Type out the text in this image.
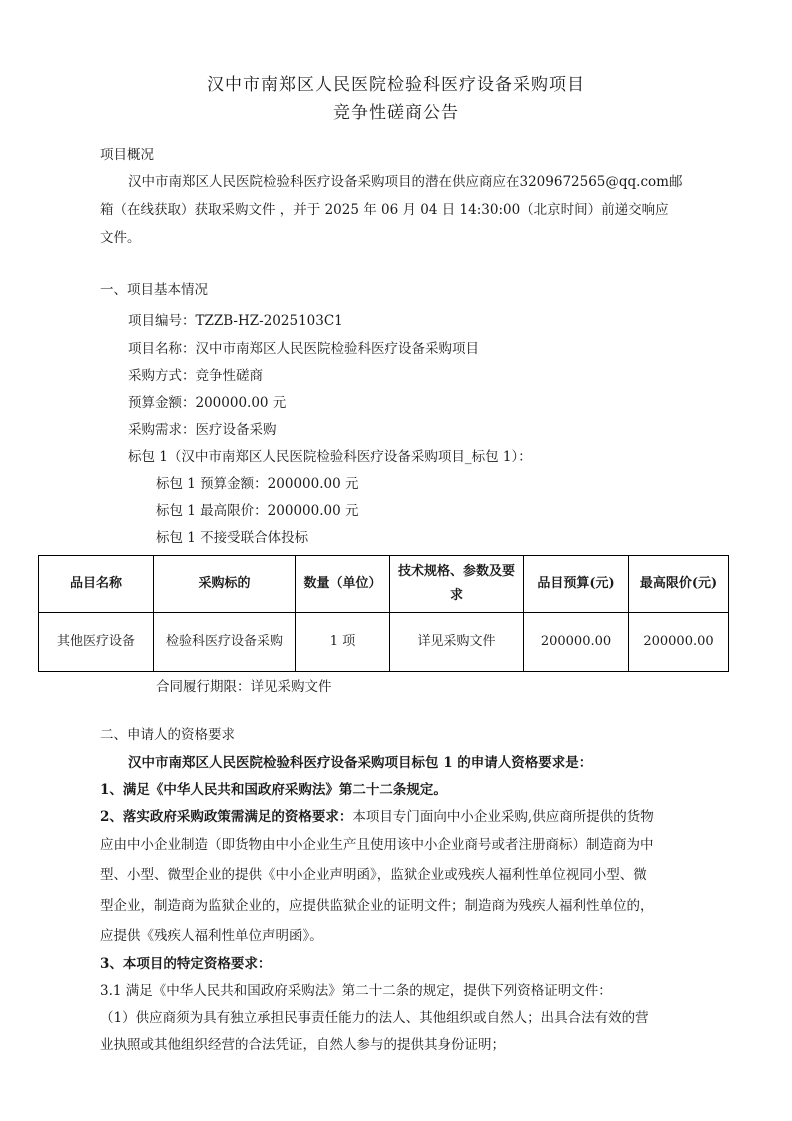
汉中市南郑区人民医院检验科医疗设备采购项目
竞争性磋商公告
项目概况
汉中市南郑区人民医院检验科医疗设备采购项目的潜在供应商应在3209672565@qq.com邮
箱（在线获取）获取采购文件 ，并于 2025 年 06 月 04 日 14:30:00（北京时间）前递交响应
文件。
一、项目基本情况
项目编号：TZZB-HZ-2025103C1
项目名称：汉中市南郑区人民医院检验科医疗设备采购项目
采购方式：竞争性磋商
预算金额：200000.00 元
采购需求：医疗设备采购
标包 1（汉中市南郑区人民医院检验科医疗设备采购项目_标包 1）：
标包 1 预算金额：200000.00 元
标包 1 最高限价：200000.00 元
标包 1 不接受联合体投标
品目名称	采购标的	数量（单位）	技术规格、参数及要求	品目预算(元)	最高限价(元)
其他医疗设备	检验科医疗设备采购	1 项	详见采购文件	200000.00	200000.00
合同履行期限：详见采购文件
二、申请人的资格要求
汉中市南郑区人民医院检验科医疗设备采购项目标包 1 的申请人资格要求是：
1、满足《中华人民共和国政府采购法》第二十二条规定。
2、落实政府采购政策需满足的资格要求：本项目专门面向中小企业采购,供应商所提供的货物
应由中小企业制造（即货物由中小企业生产且使用该中小企业商号或者注册商标）制造商为中
型、小型、微型企业的提供《中小企业声明函》，监狱企业或残疾人福利性单位视同小型、微
型企业，制造商为监狱企业的，应提供监狱企业的证明文件；制造商为残疾人福利性单位的，
应提供《残疾人福利性单位声明函》。
3、本项目的特定资格要求：
3.1 满足《中华人民共和国政府采购法》第二十二条的规定，提供下列资格证明文件：
（1）供应商须为具有独立承担民事责任能力的法人、其他组织或自然人；出具合法有效的营
业执照或其他组织经营的合法凭证，自然人参与的提供其身份证明；
